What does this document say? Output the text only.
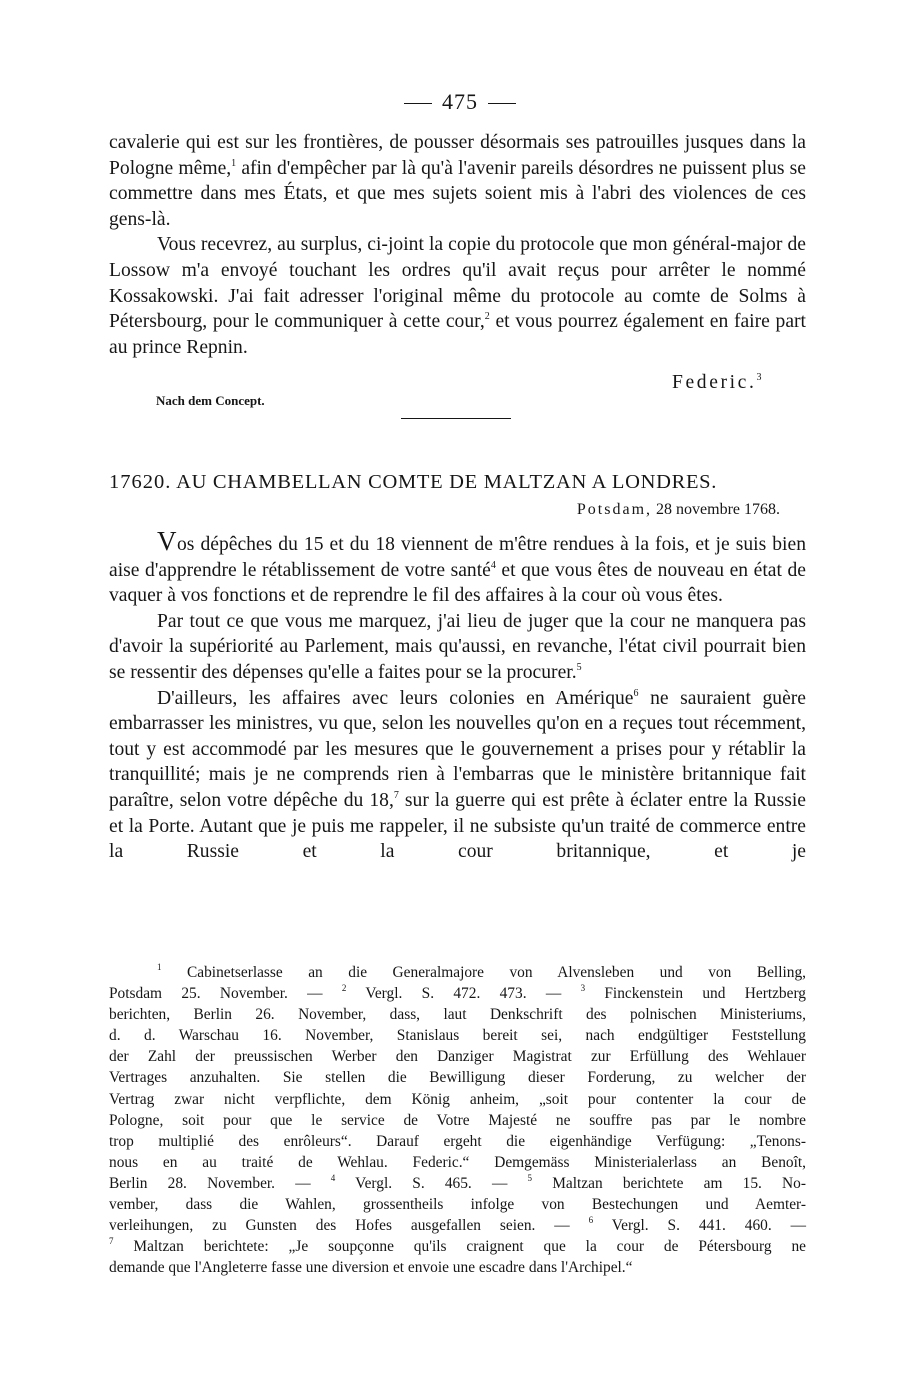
475

cavalerie qui est sur les frontières, de pousser désormais ses patrouilles jusques dans la Pologne même,$^1$ afin d'empêcher par là qu'à l'avenir pareils désordres ne puissent plus se commettre dans mes États, et que mes sujets soient mis à l'abri des violences de ces gens-là.

Vous recevrez, au surplus, ci-joint la copie du protocole que mon général-major de Lossow m'a envoyé touchant les ordres qu'il avait reçus pour arrêter le nommé Kossakowski. J'ai fait adresser l'original même du protocole au comte de Solms à Pétersbourg, pour le communiquer à cette cour,$^2$ et vous pourrez également en faire part au prince Repnin.

Federic.$^3$
Nach dem Concept.
17620. AU CHAMBELLAN COMTE DE MALTZAN A LONDRES.
Potsdam, 28 novembre 1768.

Vos dépêches du 15 et du 18 viennent de m'être rendues à la fois, et je suis bien aise d'apprendre le rétablissement de votre santé$^4$ et que vous êtes de nouveau en état de vaquer à vos fonctions et de reprendre le fil des affaires à la cour où vous êtes.

Par tout ce que vous me marquez, j'ai lieu de juger que la cour ne manquera pas d'avoir la supériorité au Parlement, mais qu'aussi, en revanche, l'état civil pourrait bien se ressentir des dépenses qu'elle a faites pour se la procurer.$^5$

D'ailleurs, les affaires avec leurs colonies en Amérique$^6$ ne sauraient guère embarrasser les ministres, vu que, selon les nouvelles qu'on en a reçues tout récemment, tout y est accommodé par les mesures que le gouvernement a prises pour y rétablir la tranquillité; mais je ne comprends rien à l'embarras que le ministère britannique fait paraître, selon votre dépêche du 18,$^7$ sur la guerre qui est prête à éclater entre la Russie et la Porte. Autant que je puis me rappeler, il ne subsiste qu'un traité de commerce entre la Russie et la cour britannique, et je

$^1$ Cabinetserlasse an die Generalmajore von Alvensleben und von Belling,

Potsdam 25. November. — $^2$ Vergl. S. 472. 473. — $^3$ Finckenstein und Hertzberg

berichten, Berlin 26. November, dass, laut Denkschrift des polnischen Ministeriums,

d. d. Warschau 16. November, Stanislaus bereit sei, nach endgültiger Feststellung

der Zahl der preussischen Werber den Danziger Magistrat zur Erfüllung des Wehlauer

Vertrages anzuhalten. Sie stellen die Bewilligung dieser Forderung, zu welcher der

Vertrag zwar nicht verpflichte, dem König anheim, „soit pour contenter la cour de

Pologne, soit pour que le service de Votre Majesté ne souffre pas par le nombre

trop multiplié des enrôleurs“. Darauf ergeht die eigenhändige Verfügung: „Tenons-

nous en au traité de Wehlau. Federic.“ Demgemäss Ministerialerlass an Benoît,

Berlin 28. November. — $^4$ Vergl. S. 465. — $^5$ Maltzan berichtete am 15. No-

vember, dass die Wahlen, grossentheils infolge von Bestechungen und Aemter-

verleihungen, zu Gunsten des Hofes ausgefallen seien. — $^6$ Vergl. S. 441. 460. —

$^7$ Maltzan berichtete: „Je soupçonne qu'ils craignent que la cour de Pétersbourg ne

demande que l'Angleterre fasse une diversion et envoie une escadre dans l'Archipel.“
